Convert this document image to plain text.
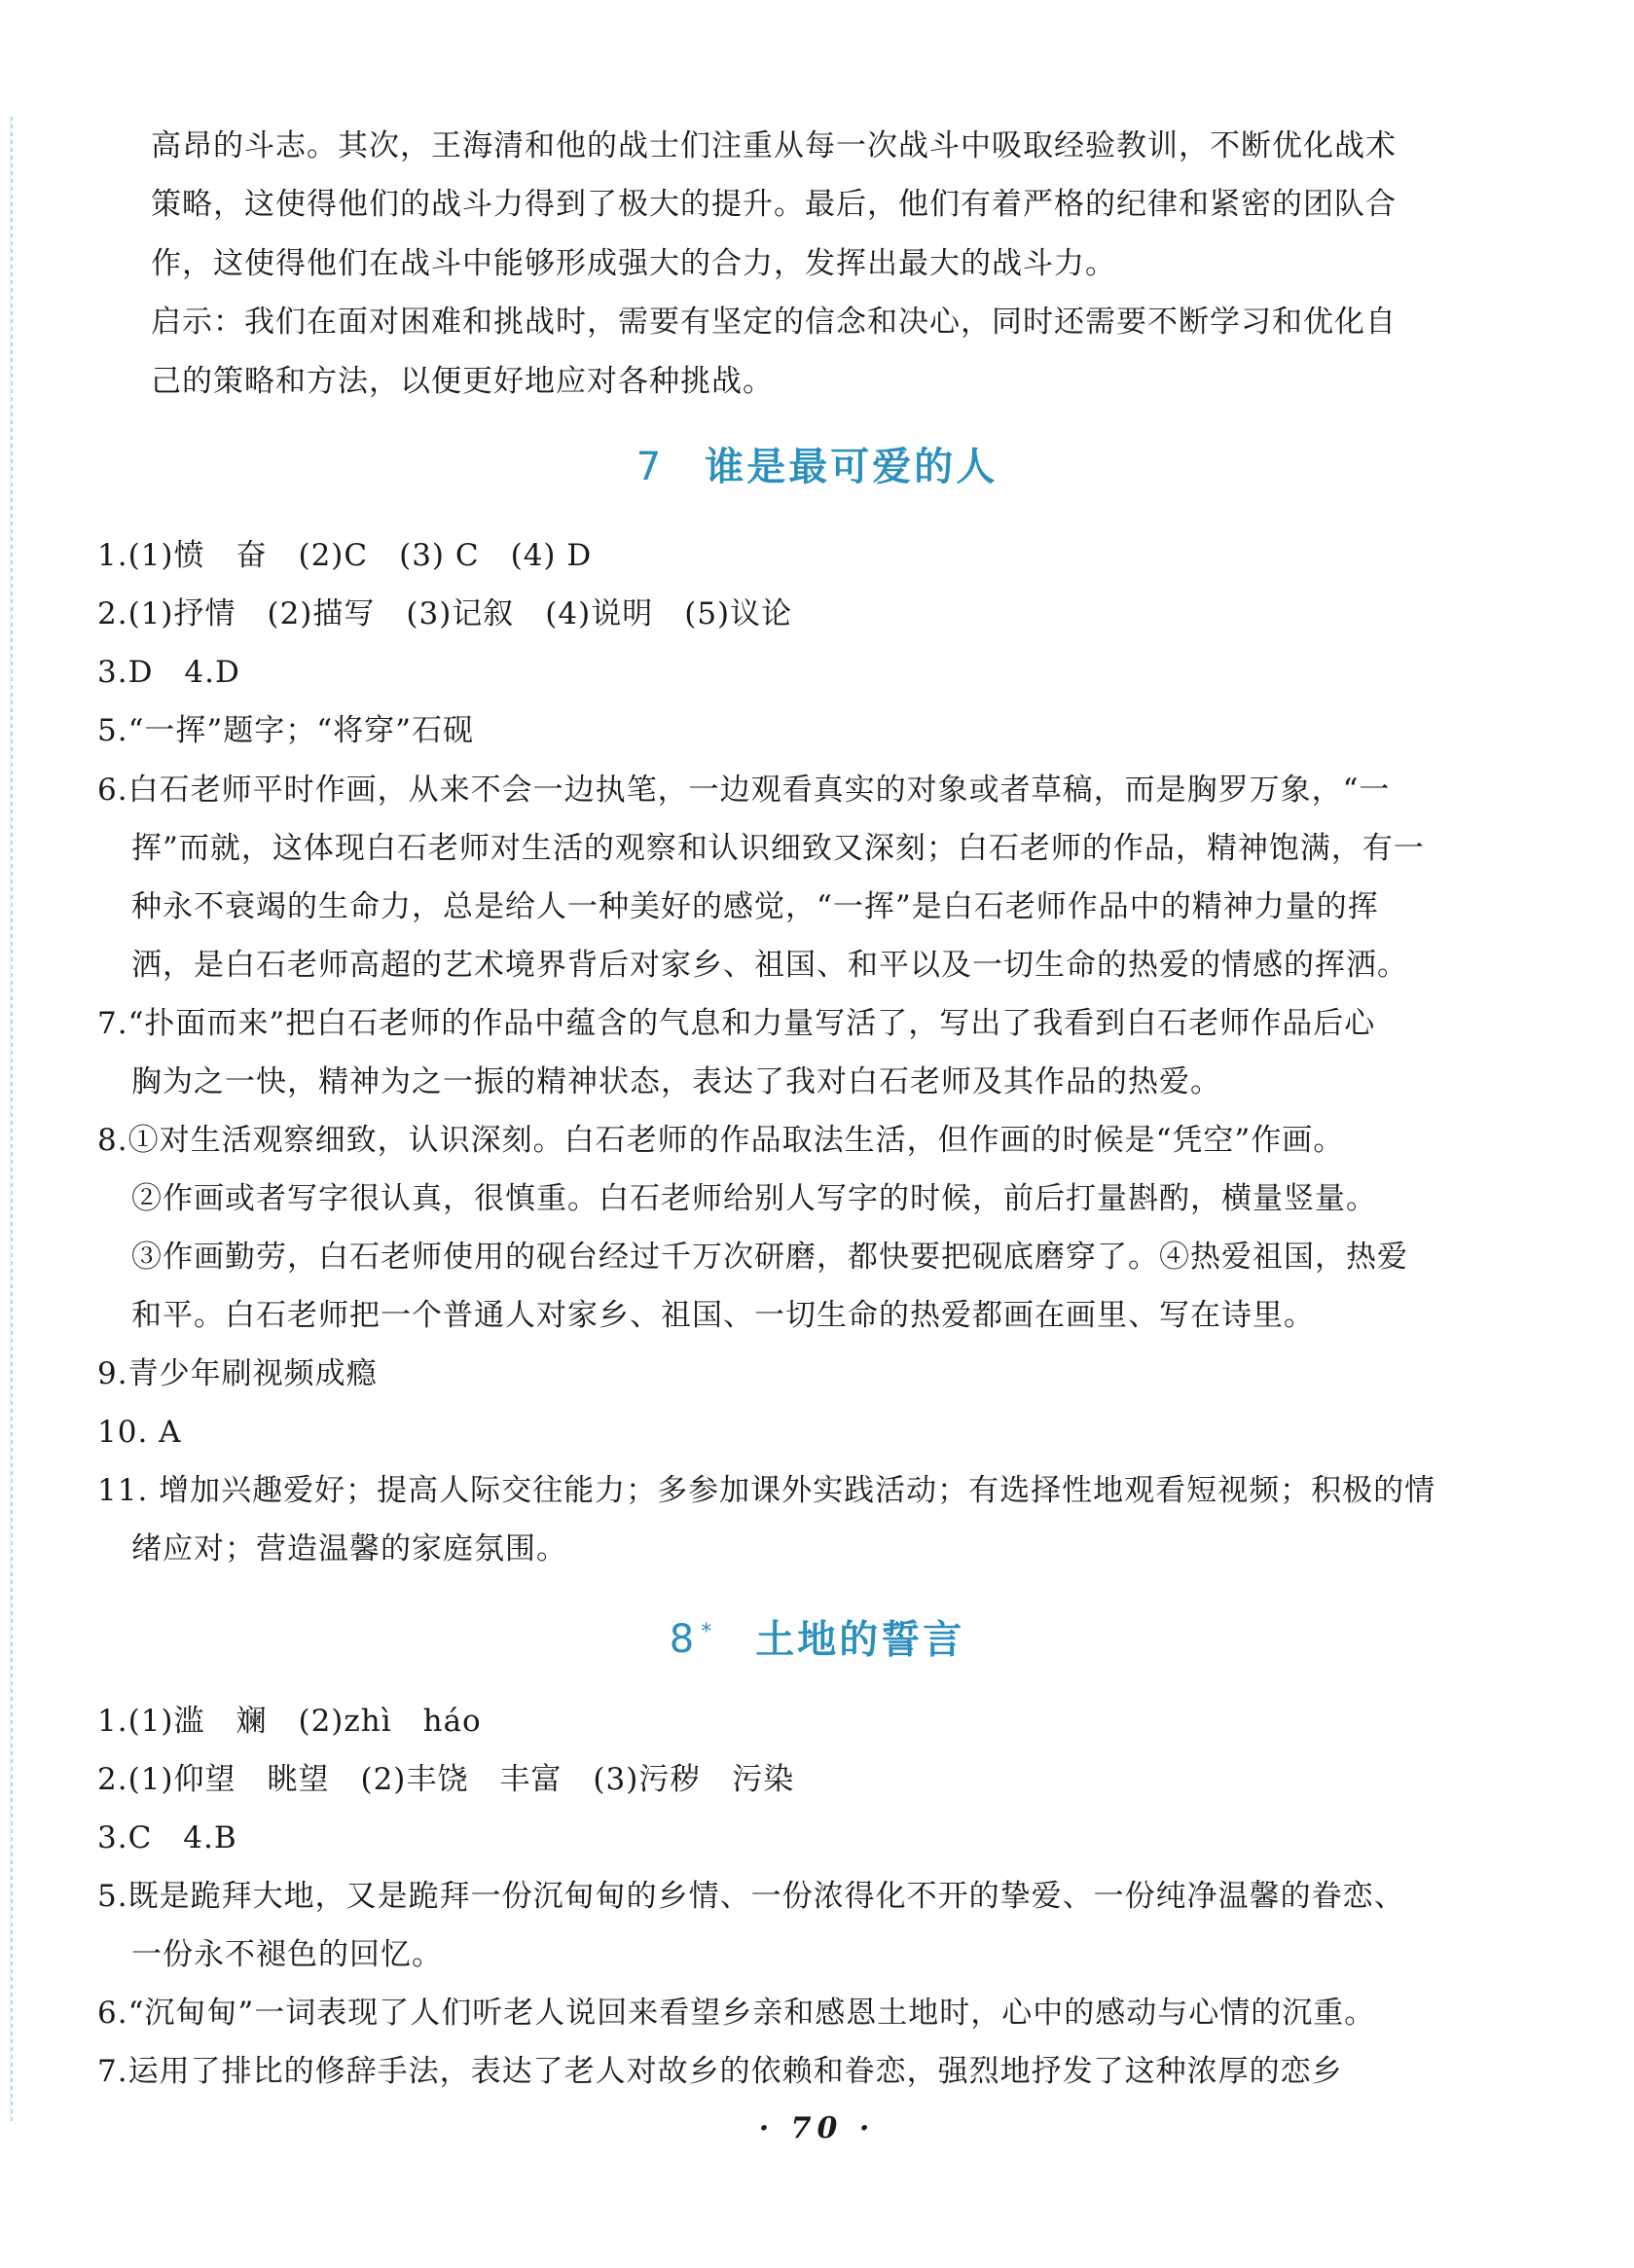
高昂的斗志。其次，王海清和他的战士们注重从每一次战斗中吸取经验教训，不断优化战术
策略，这使得他们的战斗力得到了极大的提升。最后，他们有着严格的纪律和紧密的团队合
作，这使得他们在战斗中能够形成强大的合力，发挥出最大的战斗力。
启示：我们在面对困难和挑战时，需要有坚定的信念和决心，同时还需要不断学习和优化自
己的策略和方法，以便更好地应对各种挑战。
7 谁是最可爱的人
1.(1)愤　奋　(2)C　(3) C　(4) D
2.(1)抒情　(2)描写　(3)记叙　(4)说明　(5)议论
3.D　4.D
5.“一挥”题字；“将穿”石砚
6.白石老师平时作画，从来不会一边执笔，一边观看真实的对象或者草稿，而是胸罗万象，“一
挥”而就，这体现白石老师对生活的观察和认识细致又深刻；白石老师的作品，精神饱满，有一
种永不衰竭的生命力，总是给人一种美好的感觉，“一挥”是白石老师作品中的精神力量的挥
洒，是白石老师高超的艺术境界背后对家乡、祖国、和平以及一切生命的热爱的情感的挥洒。
7.“扑面而来”把白石老师的作品中蕴含的气息和力量写活了，写出了我看到白石老师作品后心
胸为之一快，精神为之一振的精神状态，表达了我对白石老师及其作品的热爱。
8.①对生活观察细致，认识深刻。白石老师的作品取法生活，但作画的时候是“凭空”作画。
②作画或者写字很认真，很慎重。白石老师给别人写字的时候，前后打量斟酌，横量竖量。
③作画勤劳，白石老师使用的砚台经过千万次研磨，都快要把砚底磨穿了。④热爱祖国，热爱
和平。白石老师把一个普通人对家乡、祖国、一切生命的热爱都画在画里、写在诗里。
9.青少年刷视频成瘾
10. A
11. 增加兴趣爱好；提高人际交往能力；多参加课外实践活动；有选择性地观看短视频；积极的情
绪应对；营造温馨的家庭氛围。
8 * 土地的誓言
1.(1)滥　斓　(2)zhì　háo
2.(1)仰望　眺望　(2)丰饶　丰富　(3)污秽　污染
3.C　4.B
5.既是跪拜大地，又是跪拜一份沉甸甸的乡情、一份浓得化不开的挚爱、一份纯净温馨的眷恋、
一份永不褪色的回忆。
6.“沉甸甸”一词表现了人们听老人说回来看望乡亲和感恩土地时，心中的感动与心情的沉重。
7.运用了排比的修辞手法，表达了老人对故乡的依赖和眷恋，强烈地抒发了这种浓厚的恋乡
· 70 ·
